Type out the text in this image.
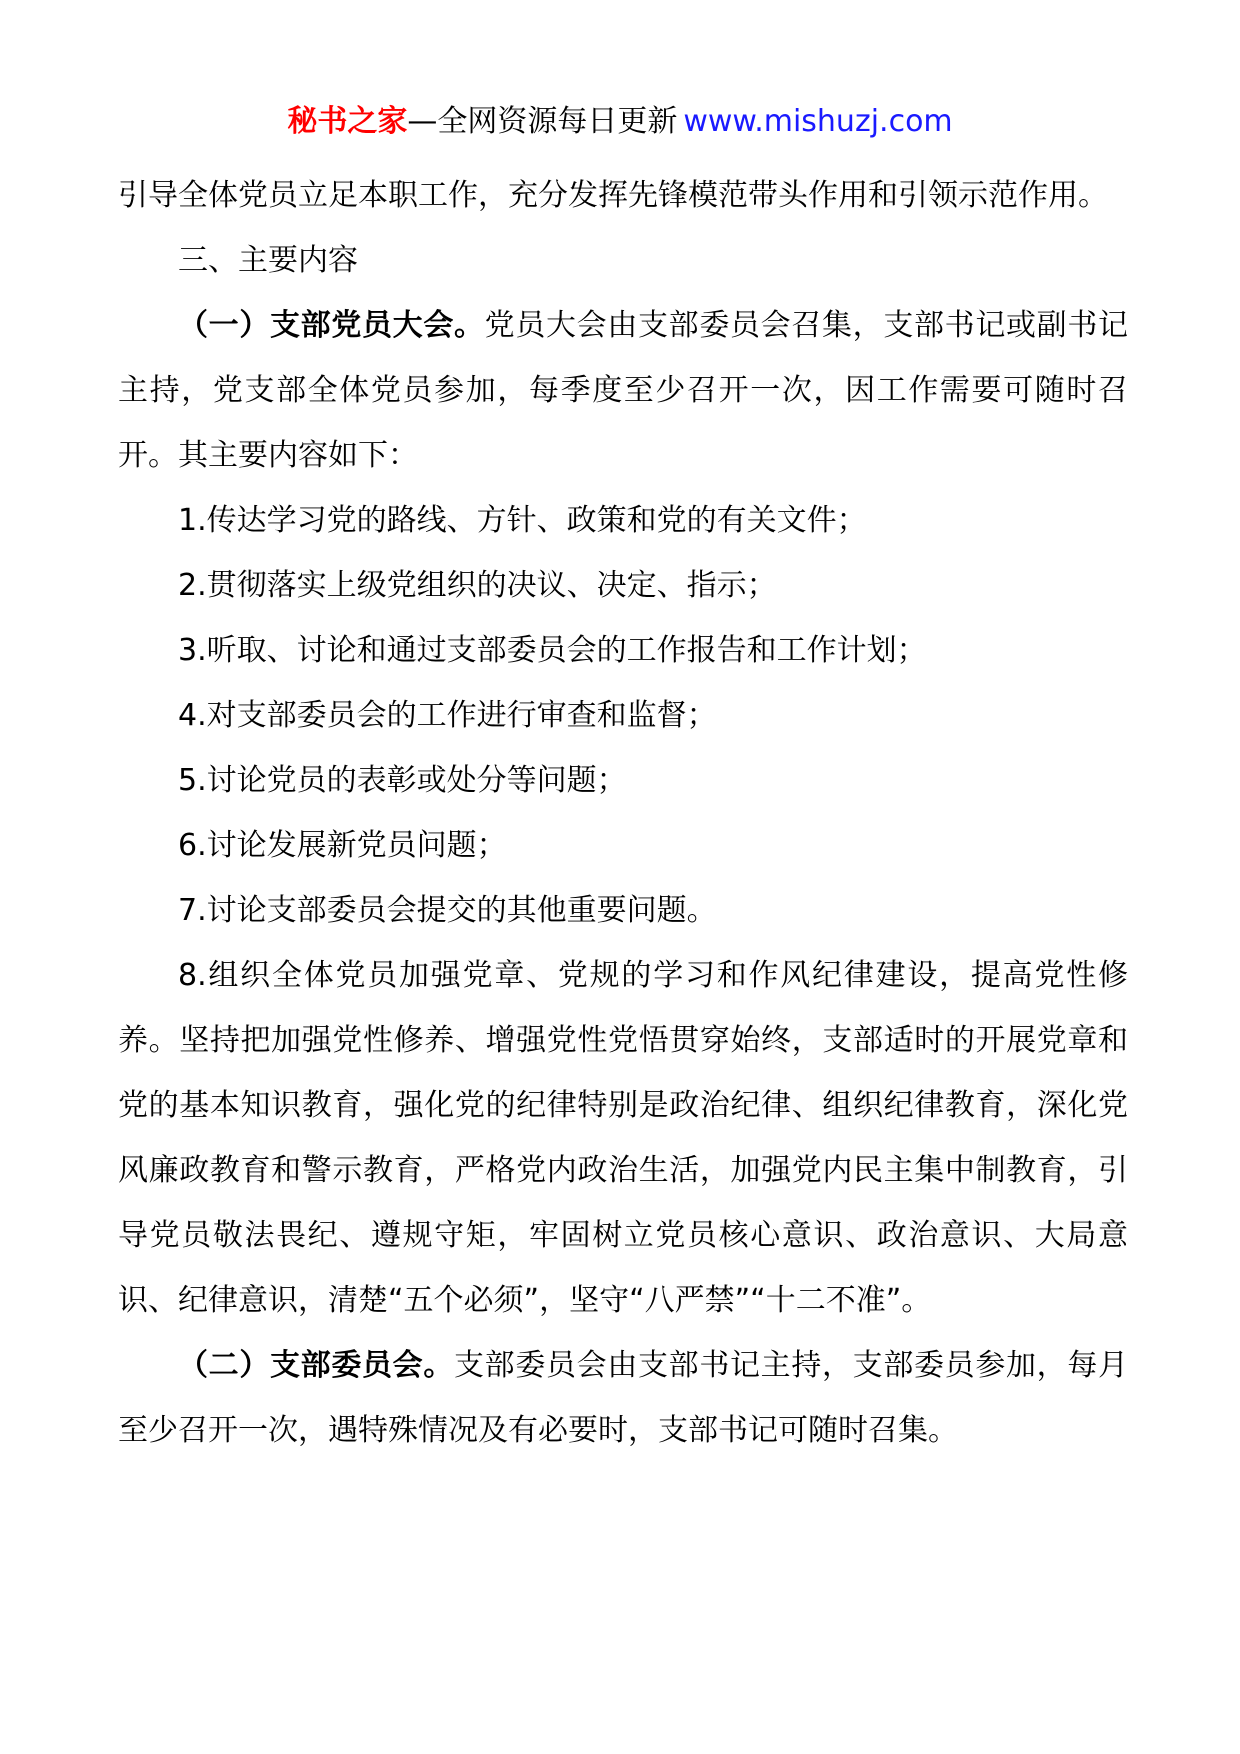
秘书之家—全网资源每日更新 www.mishuzj.com

引导全体党员立足本职工作，充分发挥先锋模范带头作用和引领示范作用。

三、主要内容

（一）支部党员大会。党员大会由支部委员会召集，支部书记或副书记主持，党支部全体党员参加，每季度至少召开一次，因工作需要可随时召开。其主要内容如下：

1.传达学习党的路线、方针、政策和党的有关文件；

2.贯彻落实上级党组织的决议、决定、指示；

3.听取、讨论和通过支部委员会的工作报告和工作计划；

4.对支部委员会的工作进行审查和监督；

5.讨论党员的表彰或处分等问题；

6.讨论发展新党员问题；

7.讨论支部委员会提交的其他重要问题。

8.组织全体党员加强党章、党规的学习和作风纪律建设，提高党性修养。坚持把加强党性修养、增强党性党悟贯穿始终，支部适时的开展党章和党的基本知识教育，强化党的纪律特别是政治纪律、组织纪律教育，深化党风廉政教育和警示教育，严格党内政治生活，加强党内民主集中制教育，引导党员敬法畏纪、遵规守矩，牢固树立党员核心意识、政治意识、大局意识、纪律意识，清楚“五个必须”，坚守“八严禁”“十二不准”。

（二）支部委员会。支部委员会由支部书记主持，支部委员参加，每月至少召开一次，遇特殊情况及有必要时，支部书记可随时召集。
